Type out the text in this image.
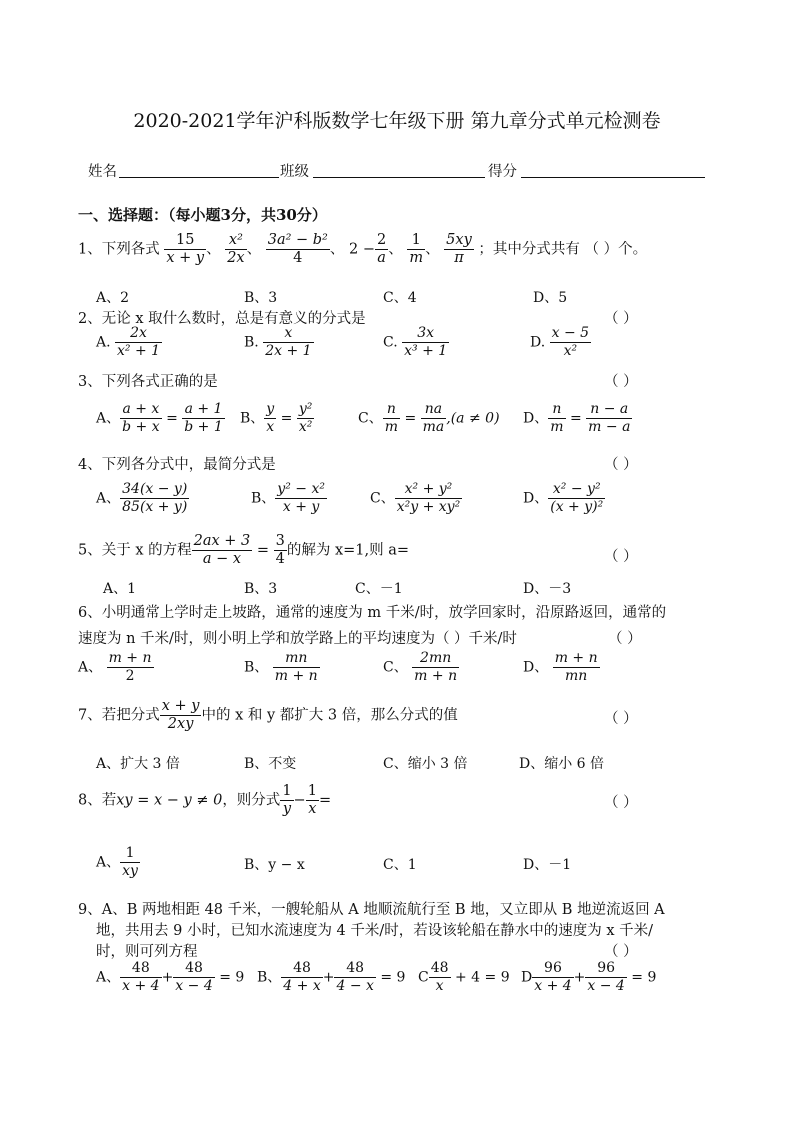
2020-2021学年沪科版数学七年级下册 第九章分式单元检测卷
姓名	班级	得分
一、选择题：（每小题3分，共30分）
1、下列各式 $\frac{15}{x + y}$ 、 $\frac{\text{x²}}{2x}$ 、 $\frac{\text{3a² − b²}}{4}$ 、 $2 - \frac{2}{a}$ 、 $\frac{1}{m}$ 、 $\frac{5xy}{\pi}$ ；其中分式共有 （ ）个。
A、2	B、3	C、4	D、5
2、无论 x 取什么数时，总是有意义的分式是	（ ）
A. $\frac{2x}{\text{x² + 1}}$	B. $\frac{x}{2x + 1}$	C. $\frac{3x}{\text{x³ + 1}}$	D. $\frac{x - 5}{\text{x²}}$
3、下列各式正确的是	（ ）
A、 $\frac{a + x}{b + x} = \frac{a + 1}{b + 1}$ B、 $\frac{y}{x} = \frac{\text{y²}}{\text{x²}}$	C、 $\frac{n}{m} = \frac{na}{ma} ,(a \ne 0)$ D、 $\frac{n}{m} = \frac{n - a}{m - a}$
4、下列各分式中，最简分式是	（ ）
A、 $\frac{34(x - y)}{85(x + y)}$	B、 $\frac{\text{y² − x²}}{x + y}$	C、 $\frac{\text{x² + y²}}{\text{x²y + xy²}}$	D、 $\frac{\text{x² − y²}}{\text{(x + y)²}}$
5、关于 x 的方程 $\frac{2ax + 3}{a - x} = \frac{3}{4}$ 的解为 x=1,则 a=	（ ）
A、1	B、3	C、－1	D、－3
6、小明通常上学时走上坡路，通常的速度为 m 千米/时，放学回家时，沿原路返回，通常的
速度为 n 千米/时，则小明上学和放学路上的平均速度为（ ）千米/时	（ ）
A、 $\frac{m + n}{2}$	B、 $\frac{mn}{m + n}$	C、 $\frac{2mn}{m + n}$	D、 $\frac{m + n}{mn}$
7、若把分式 $\frac{x + y}{2xy}$ 中的 x 和 y 都扩大 3 倍，那么分式的值	（ ）
A、扩大 3 倍	B、不变	C、缩小 3 倍	D、缩小 6 倍
8、若xy = x − y ≠ 0，则分式 $\frac{1}{y} - \frac{1}{x}$ =	（ ）
A、 $\frac{1}{xy}$	B、y − x	C、1	D、－1
9、A、B 两地相距 48 千米，一艘轮船从 A 地顺流航行至 B 地，又立即从 B 地逆流返回 A
地，共用去 9 小时，已知水流速度为 4 千米/时，若设该轮船在静水中的速度为 x 千米/
时，则可列方程	（ ）
A、 $\frac{48}{x + 4} + \frac{48}{x - 4} = 9$ B、 $\frac{48}{4 + x} + \frac{48}{4 - x} = 9$ C $\frac{48}{x} + 4 = 9$ D $\frac{96}{x + 4} + \frac{96}{x - 4} = 9$
